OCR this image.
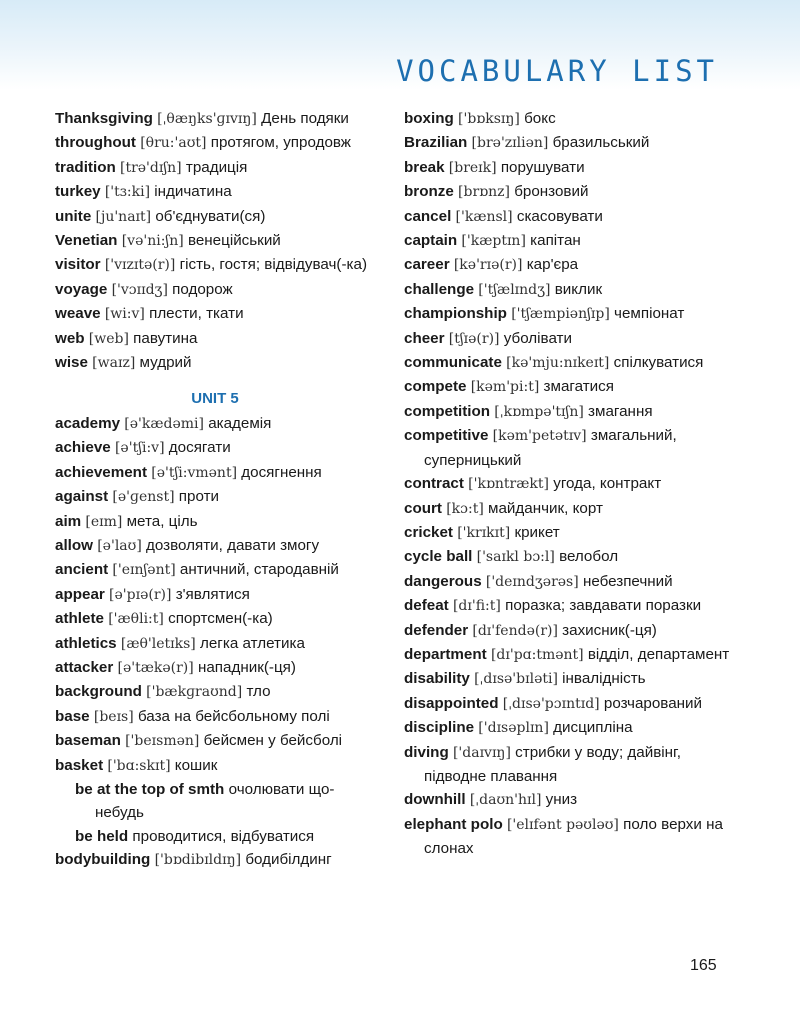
VOCABULARY LIST
Thanksgiving [ˌθæŋks'ɡɪvɪŋ] День подяки
throughout [θru:'aʊt] протягом, упродовж
tradition [trə'dɪʃn] традиція
turkey ['tɜ:ki] індичатина
unite [ju'naɪt] об'єднувати(ся)
Venetian [və'ni:ʃn] венеційський
visitor ['vɪzɪtə(r)] гість, гостя; відвідувач(-ка)
voyage ['vɔɪɪdʒ] подорож
weave [wi:v] плести, ткати
web [web] павутина
wise [waɪz] мудрий
UNIT 5
academy [ə'kædəmi] академія
achieve [ə'tʃi:v] досягати
achievement [ə'tʃi:vmənt] досягнення
against [ə'ɡenst] проти
aim [eɪm] мета, ціль
allow [ə'laʊ] дозволяти, давати змогу
ancient ['eɪnʃənt] античний, стародавній
appear [ə'pɪə(r)] з'являтися
athlete ['æθli:t] спортсмен(-ка)
athletics [æθ'letɪks] легка атлетика
attacker [ə'tækə(r)] нападник(-ця)
background ['bækɡraʊnd] тло
base [beɪs] база на бейсбольному полі
baseman ['beɪsmən] бейсмен у бейсболі
basket ['bɑ:skɪt] кошик
be at the top of smth очолювати що-небудь
be held проводитися, відбуватися
bodybuilding ['bɒdibɪldɪŋ] бодибілдинг
boxing ['bɒksɪŋ] бокс
Brazilian [brə'zɪliən] бразильський
break [breɪk] порушувати
bronze [brɒnz] бронзовий
cancel ['kænsl] скасовувати
captain ['kæptɪn] капітан
career [kə'rɪə(r)] кар'єра
challenge ['tʃælɪndʒ] виклик
championship ['tʃæmpiənʃɪp] чемпіонат
cheer [tʃɪə(r)] уболівати
communicate [kə'mju:nɪkeɪt] спілкуватися
compete [kəm'pi:t] змагатися
competition [ˌkɒmpə'tɪʃn] змагання
competitive [kəm'petətɪv] змагальний, суперницький
contract ['kɒntrækt] угода, контракт
court [kɔ:t] майданчик, корт
cricket ['krɪkɪt] крикет
cycle ball ['saɪkl bɔ:l] велобол
dangerous ['deɪndʒərəs] небезпечний
defeat [dɪ'fi:t] поразка; завдавати поразки
defender [dɪ'fendə(r)] захисник(-ця)
department [dɪ'pɑ:tmənt] відділ, департамент
disability [ˌdɪsə'bɪləti] інвалідність
disappointed [ˌdɪsə'pɔɪntɪd] розчарований
discipline ['dɪsəplɪn] дисципліна
diving ['daɪvɪŋ] стрибки у воду; дайвінг, підводне плавання
downhill [ˌdaʊn'hɪl] униз
elephant polo ['elɪfənt pəʊləʊ] поло верхи на слонах
165
